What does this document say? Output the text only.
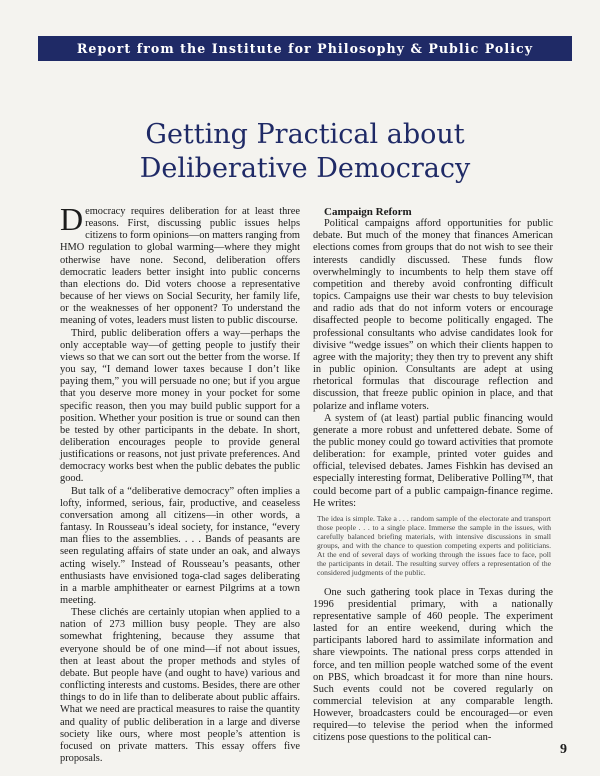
Report from the Institute for Philosophy & Public Policy
Getting Practical about
Deliberative Democracy

Democracy requires deliberation for at least three reasons. First, discussing public issues helps citizens to form opinions—on matters ranging from HMO regulation to global warming—where they might otherwise have none. Second, deliberation offers democratic leaders better insight into public concerns than elections do. Did voters choose a representative because of her views on Social Security, her family life, or the weaknesses of her opponent? To understand the meaning of votes, leaders must listen to public discourse.

Third, public deliberation offers a way—perhaps the only acceptable way—of getting people to justify their views so that we can sort out the better from the worse. If you say, “I demand lower taxes because I don’t like paying them,” you will persuade no one; but if you argue that you deserve more money in your pocket for some specific reason, then you may build public support for a position. Whether your position is true or sound can then be tested by other participants in the debate. In short, deliberation encourages people to provide general justifications or reasons, not just private preferences. And democracy works best when the public debates the public good.

But talk of a “deliberative democracy” often implies a lofty, informed, serious, fair, productive, and ceaseless conversation among all citizens—in other words, a fantasy. In Rousseau’s ideal society, for instance, “every man flies to the assemblies. . . . Bands of peasants are seen regulating affairs of state under an oak, and always acting wisely.” Instead of Rousseau’s peasants, other enthusiasts have envisioned toga-clad sages deliberating in a marble amphitheater or earnest Pilgrims at a town meeting.

These clichés are certainly utopian when applied to a nation of 273 million busy people. They are also somewhat frightening, because they assume that everyone should be of one mind—if not about issues, then at least about the proper methods and styles of debate. But people have (and ought to have) various and conflicting interests and customs. Besides, there are other things to do in life than to deliberate about public affairs. What we need are practical measures to raise the quantity and quality of public deliberation in a large and diverse society like ours, where most people’s attention is focused on private matters. This essay offers five proposals.

Campaign Reform

Political campaigns afford opportunities for public debate. But much of the money that finances American elections comes from groups that do not wish to see their interests candidly discussed. These funds flow overwhelmingly to incumbents to help them stave off competition and thereby avoid confronting difficult topics. Campaigns use their war chests to buy television and radio ads that do not inform voters or encourage disaffected people to become politically engaged. The professional consultants who advise candidates look for divisive “wedge issues” on which their clients happen to agree with the majority; they then try to prevent any shift in public opinion. Consultants are adept at using rhetorical formulas that discourage reflection and discussion, that freeze public opinion in place, and that polarize and inflame voters.

A system of (at least) partial public financing would generate a more robust and unfettered debate. Some of the public money could go toward activities that promote deliberation: for example, printed voter guides and official, televised debates. James Fishkin has devised an especially interesting format, Deliberative Polling™, that could become part of a public campaign-finance regime. He writes:

The idea is simple. Take a . . . random sample of the electorate and transport those people . . . to a single place. Immerse the sample in the issues, with carefully balanced briefing materials, with intensive discussions in small groups, and with the chance to question competing experts and politicians. At the end of several days of working through the issues face to face, poll the participants in detail. The resulting survey offers a representation of the considered judgments of the public.

One such gathering took place in Texas during the 1996 presidential primary, with a nationally representative sample of 460 people. The experiment lasted for an entire weekend, during which the participants labored hard to assimilate information and share viewpoints. The national press corps attended in force, and ten million people watched some of the event on PBS, which broadcast it for more than nine hours. Such events could not be covered regularly on commercial television at any comparable length. However, broadcasters could be encouraged—or even required—to televise the period when the informed citizens pose questions to the political can-

9
